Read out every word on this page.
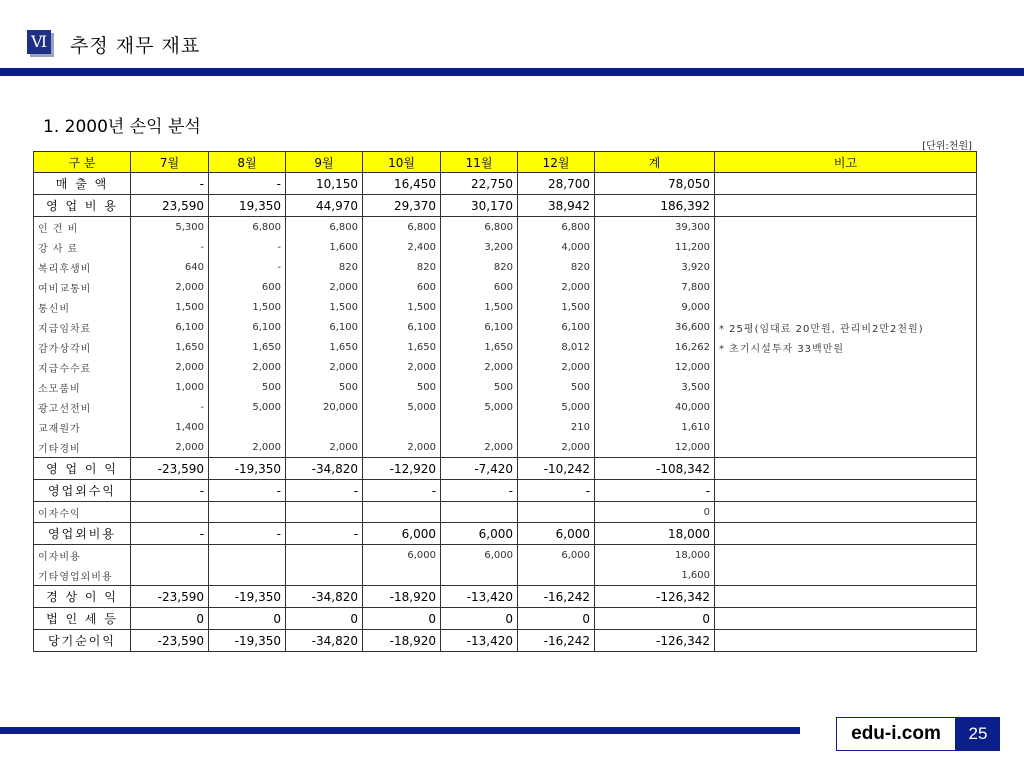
Ⅵ 추정 재무 재표
1. 2000년 손익 분석
[단위:천원]
구 분	7월	8월	9월	10월	11월	12월	계	비고
매 출 액	-	-	10,150	16,450	22,750	28,700	78,050	
영 업 비 용	23,590	19,350	44,970	29,370	30,170	38,942	186,392	
인 건 비	5,300	6,800	6,800	6,800	6,800	6,800	39,300	
강 사 료	-	-	1,600	2,400	3,200	4,000	11,200	
복리후생비	640	-	820	820	820	820	3,920	
여비교통비	2,000	600	2,000	600	600	2,000	7,800	
통신비	1,500	1,500	1,500	1,500	1,500	1,500	9,000	
지급임차료	6,100	6,100	6,100	6,100	6,100	6,100	36,600	* 25평(임대료 20만원, 관리비2만2천원)
감가상각비	1,650	1,650	1,650	1,650	1,650	8,012	16,262	* 초기시설투자 33백만원
지급수수료	2,000	2,000	2,000	2,000	2,000	2,000	12,000	
소모품비	1,000	500	500	500	500	500	3,500	
광고선전비	-	5,000	20,000	5,000	5,000	5,000	40,000	
교재원가	1,400					210	1,610	
기타경비	2,000	2,000	2,000	2,000	2,000	2,000	12,000	
영 업 이 익	-23,590	-19,350	-34,820	-12,920	-7,420	-10,242	-108,342	
영업외수익	-	-	-	-	-	-	-	
이자수익							0	
영업외비용	-	-	-	6,000	6,000	6,000	18,000	
이자비용				6,000	6,000	6,000	18,000	
기타영업외비용							1,600	
경 상 이 익	-23,590	-19,350	-34,820	-18,920	-13,420	-16,242	-126,342	
법 인 세 등	0	0	0	0	0	0	0	
당기순이익	-23,590	-19,350	-34,820	-18,920	-13,420	-16,242	-126,342	
edu-i.com	25
